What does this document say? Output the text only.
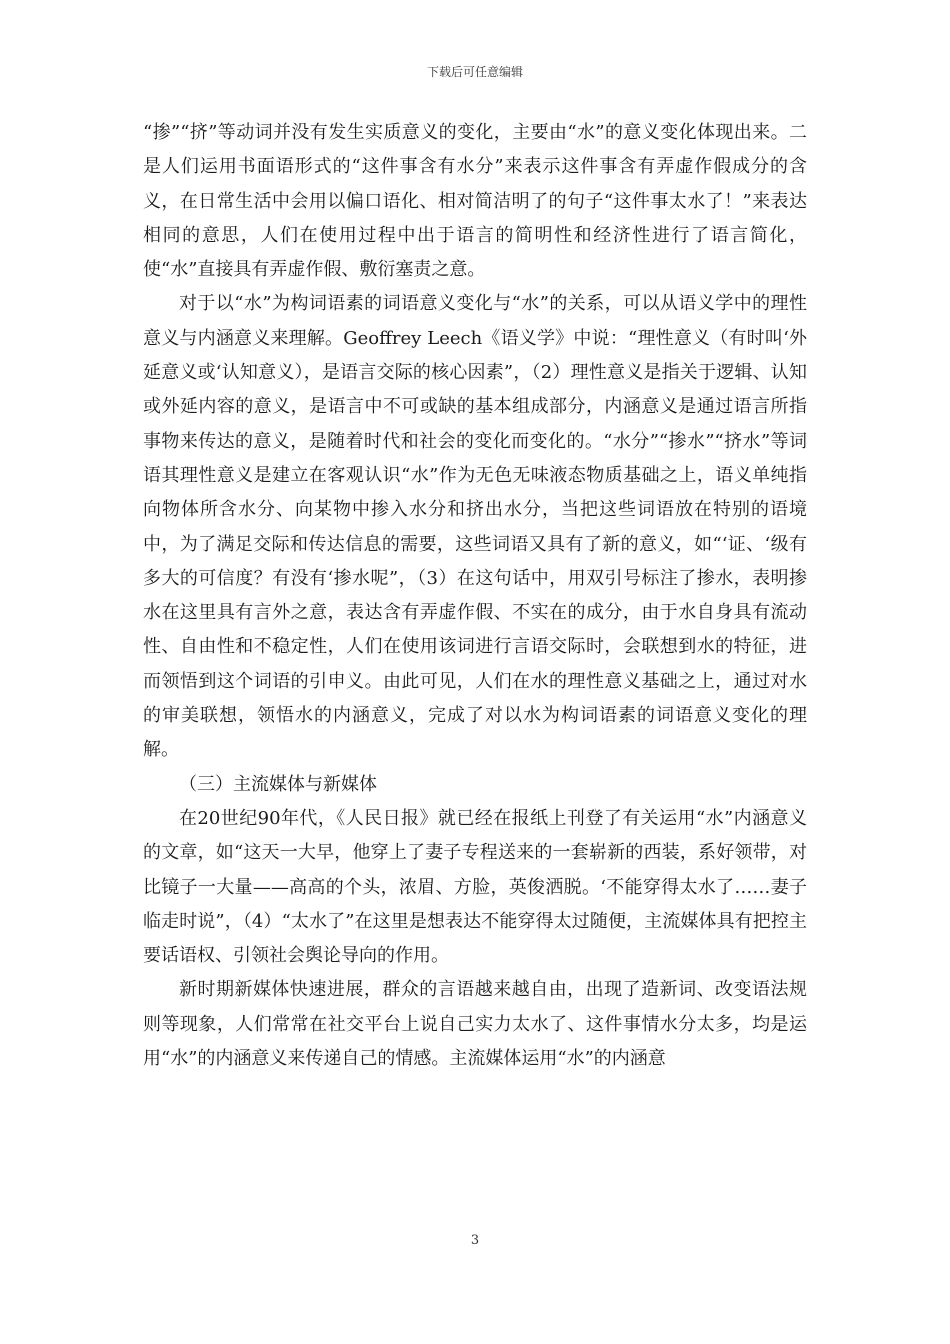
下载后可任意编辑

“掺”“挤”等动词并没有发生实质意义的变化，主要由“水”的意义变化体现出来。二是人们运用书面语形式的“这件事含有水分”来表示这件事含有弄虚作假成分的含义，在日常生活中会用以偏口语化、相对简洁明了的句子“这件事太水了！”来表达相同的意思，人们在使用过程中出于语言的简明性和经济性进行了语言简化，使“水”直接具有弄虚作假、敷衍塞责之意。

对于以“水”为构词语素的词语意义变化与“水”的关系，可以从语义学中的理性意义与内涵意义来理解。Geoffrey Leech《语义学》中说：“理性意义（有时叫‘外延意义或‘认知意义），是语言交际的核心因素”，（2）理性意义是指关于逻辑、认知或外延内容的意义，是语言中不可或缺的基本组成部分，内涵意义是通过语言所指事物来传达的意义，是随着时代和社会的变化而变化的。“水分”“掺水”“挤水”等词语其理性意义是建立在客观认识“水”作为无色无味液态物质基础之上，语义单纯指向物体所含水分、向某物中掺入水分和挤出水分，当把这些词语放在特别的语境中，为了满足交际和传达信息的需要，这些词语又具有了新的意义，如“‘证、‘级有多大的可信度？有没有‘掺水呢”，（3）在这句话中，用双引号标注了掺水，表明掺水在这里具有言外之意，表达含有弄虚作假、不实在的成分，由于水自身具有流动性、自由性和不稳定性，人们在使用该词进行言语交际时，会联想到水的特征，进而领悟到这个词语的引申义。由此可见，人们在水的理性意义基础之上，通过对水的审美联想，领悟水的内涵意义，完成了对以水为构词语素的词语意义变化的理解。

（三）主流媒体与新媒体

在20世纪90年代，《人民日报》就已经在报纸上刊登了有关运用“水”内涵意义的文章，如“这天一大早，他穿上了妻子专程送来的一套崭新的西装，系好领带，对比镜子一大量——高高的个头，浓眉、方脸，英俊洒脱。‘不能穿得太水了……妻子临走时说”，（4）“太水了”在这里是想表达不能穿得太过随便，主流媒体具有把控主要话语权、引领社会舆论导向的作用。

新时期新媒体快速进展，群众的言语越来越自由，出现了造新词、改变语法规则等现象，人们常常在社交平台上说自己实力太水了、这件事情水分太多，均是运用“水”的内涵意义来传递自己的情感。主流媒体运用“水”的内涵意

3
